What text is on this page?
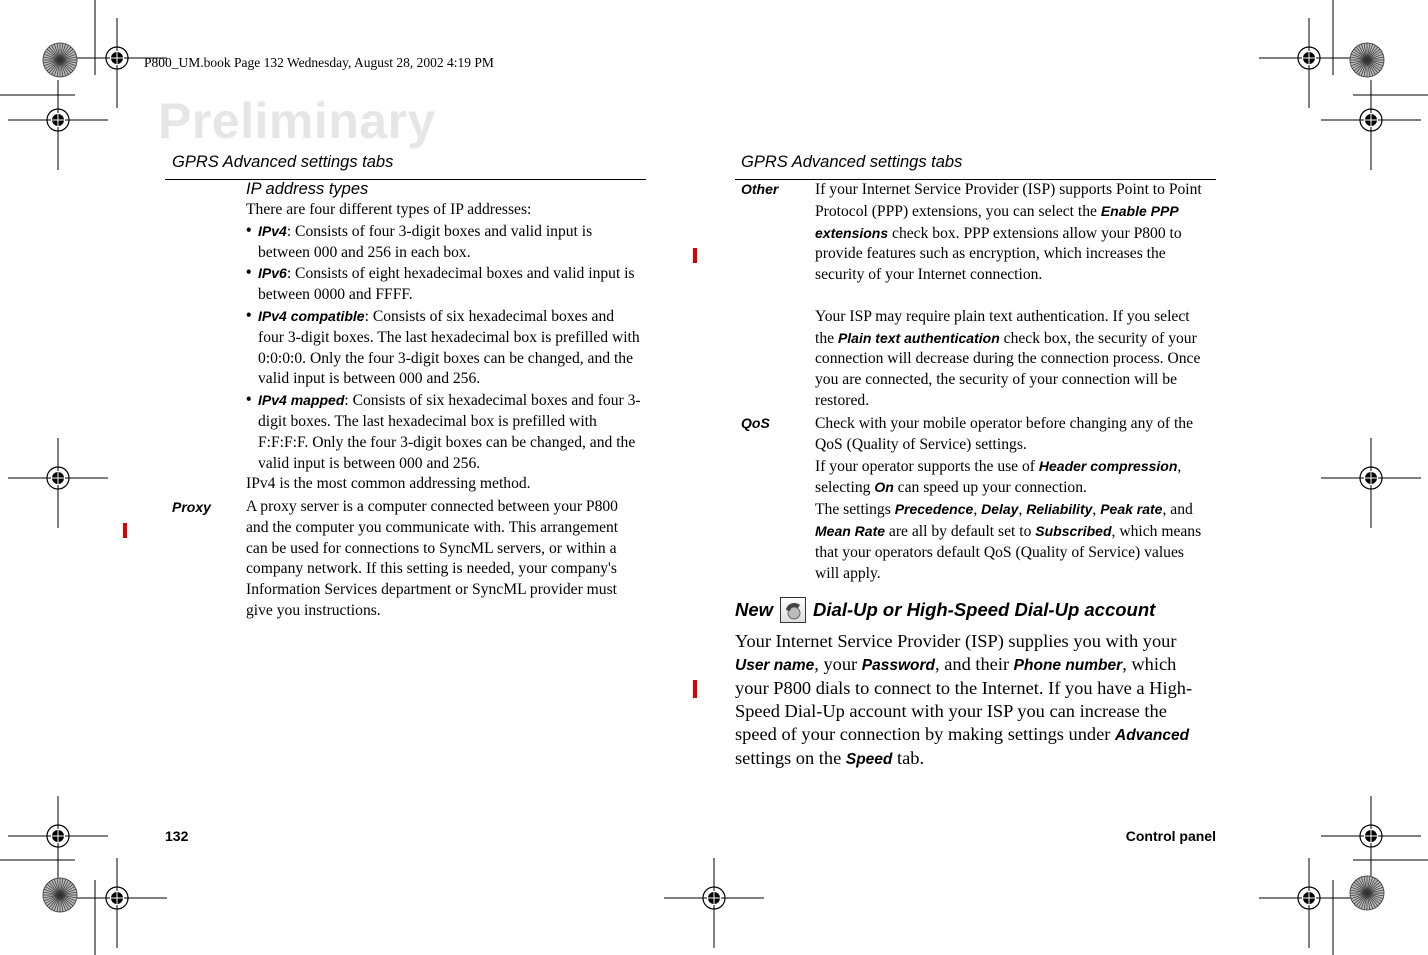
P800_UM.book Page 132 Wednesday, August 28, 2002 4:19 PM
Preliminary
GPRS Advanced settings tabs
IP address types
There are four different types of IP addresses:
• IPv4: Consists of four 3-digit boxes and valid input is between 000 and 256 in each box.
• IPv6: Consists of eight hexadecimal boxes and valid input is between 0000 and FFFF.
• IPv4 compatible: Consists of six hexadecimal boxes and four 3-digit boxes. The last hexadecimal box is prefilled with 0:0:0:0. Only the four 3-digit boxes can be changed, and the valid input is between 000 and 256.
• IPv4 mapped: Consists of six hexadecimal boxes and four 3-digit boxes. The last hexadecimal box is prefilled with F:F:F:F. Only the four 3-digit boxes can be changed, and the valid input is between 000 and 256.
IPv4 is the most common addressing method.
Proxy A proxy server is a computer connected between your P800 and the computer you communicate with. This arrangement can be used for connections to SyncML servers, or within a company network. If this setting is needed, your company's Information Services department or SyncML provider must give you instructions.
GPRS Advanced settings tabs
Other If your Internet Service Provider (ISP) supports Point to Point Protocol (PPP) extensions, you can select the Enable PPP extensions check box. PPP extensions allow your P800 to provide features such as encryption, which increases the security of your Internet connection.
Your ISP may require plain text authentication. If you select the Plain text authentication check box, the security of your connection will decrease during the connection process. Once you are connected, the security of your connection will be restored.
QoS	Check with your mobile operator before changing any of the QoS (Quality of Service) settings.
If your operator supports the use of Header compression, selecting On can speed up your connection.
The settings Precedence, Delay, Reliability, Peak rate, and Mean Rate are all by default set to Subscribed, which means that your operators default QoS (Quality of Service) values will apply.
New Dial-Up or High-Speed Dial-Up account
Your Internet Service Provider (ISP) supplies you with your User name, your Password, and their Phone number, which your P800 dials to connect to the Internet. If you have a High-Speed Dial-Up account with your ISP you can increase the speed of your connection by making settings under Advanced settings on the Speed tab.
132	Control panel
